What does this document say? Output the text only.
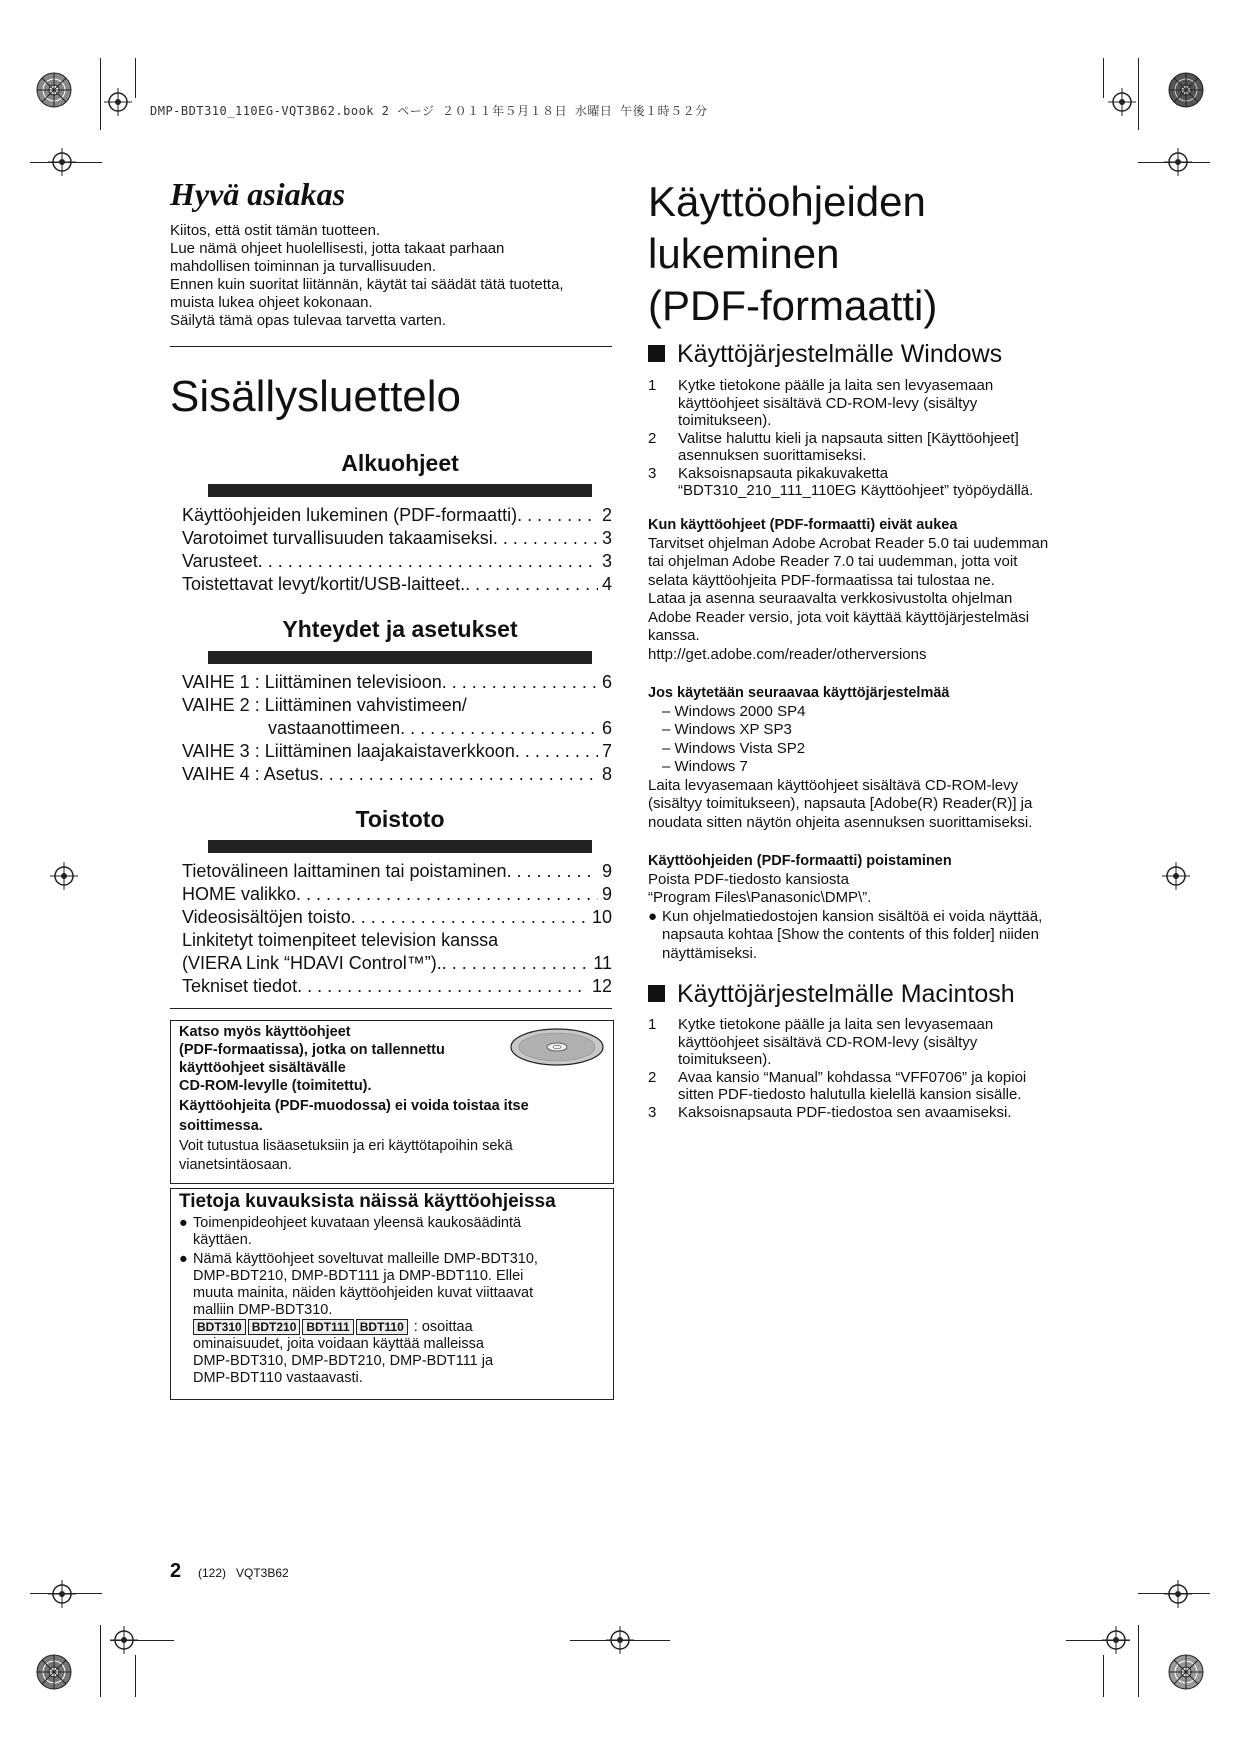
DMP-BDT310_110EG-VQT3B62.book 2 ページ ２０１１年５月１８日 水曜日 午後１時５２分
Hyvä asiakas
Kiitos, että ostit tämän tuotteen.
Lue nämä ohjeet huolellisesti, jotta takaat parhaan
mahdollisen toiminnan ja turvallisuuden.
Ennen kuin suoritat liitännän, käytät tai säädät tätä tuotetta,
muista lukea ohjeet kokonaan.
Säilytä tämä opas tulevaa tarvetta varten.
Sisällysluettelo
Alkuohjeet
Käyttöohjeiden lukeminen (PDF-formaatti) . . .	2
Varotoimet turvallisuuden takaamiseksi . . .	3
Varusteet . . .	3
Toistettavat levyt/kortit/USB-laitteet. . . .	4
Yhteydet ja asetukset
VAIHE 1 : Liittäminen televisioon . . .	6
VAIHE 2 : Liittäminen vahvistimeen/
vastaanottimeen . . .	6
VAIHE 3 : Liittäminen laajakaistaverkkoon . . .	7
VAIHE 4 : Asetus . . .	8
Toistoto
Tietovälineen laittaminen tai poistaminen . . .	9
HOME valikko . . .	9
Videosisältöjen toisto . . .	10
Linkitetyt toimenpiteet television kanssa
(VIERA Link “HDAVI Control™”). . . .	11
Tekniset tiedot . . .	12
Katso myös käyttöohjeet
(PDF-formaatissa), jotka on tallennettu
käyttöohjeet sisältävälle
CD-ROM-levylle (toimitettu).
Käyttöohjeita (PDF-muodossa) ei voida toistaa itse
soittimessa.
Voit tutustua lisäasetuksiin ja eri käyttötapoihin sekä
vianetsintäosaan.
Tietoja kuvauksista näissä käyttöohjeissa
● Toimenpideohjeet kuvataan yleensä kaukosäädintä
käyttäen.
● Nämä käyttöohjeet soveltuvat malleille DMP-BDT310,
DMP-BDT210, DMP-BDT111 ja DMP-BDT110. Ellei
muuta mainita, näiden käyttöohjeiden kuvat viittaavat
malliin DMP-BDT310.
BDT310 BDT210 BDT111 BDT110 : osoittaa
ominaisuudet, joita voidaan käyttää malleissa
DMP-BDT310, DMP-BDT210, DMP-BDT111 ja
DMP-BDT110 vastaavasti.
2 (122)   VQT3B62
Käyttöohjeiden
lukeminen
(PDF-formaatti)
Käyttöjärjestelmälle Windows
1 Kytke tietokone päälle ja laita sen levyasemaan
käyttöohjeet sisältävä CD-ROM-levy (sisältyy
toimitukseen).
2 Valitse haluttu kieli ja napsauta sitten [Käyttöohjeet]
asennuksen suorittamiseksi.
3 Kaksoisnapsauta pikakuvaketta
“BDT310_210_111_110EG Käyttöohjeet” työpöydällä.
Kun käyttöohjeet (PDF-formaatti) eivät aukea
Tarvitset ohjelman Adobe Acrobat Reader 5.0 tai uudemman
tai ohjelman Adobe Reader 7.0 tai uudemman, jotta voit
selata käyttöohjeita PDF-formaatissa tai tulostaa ne.
Lataa ja asenna seuraavalta verkkosivustolta ohjelman
Adobe Reader versio, jota voit käyttää käyttöjärjestelmäsi
kanssa.
http://get.adobe.com/reader/otherversions
Jos käytetään seuraavaa käyttöjärjestelmää
– Windows 2000 SP4
– Windows XP SP3
– Windows Vista SP2
– Windows 7
Laita levyasemaan käyttöohjeet sisältävä CD-ROM-levy
(sisältyy toimitukseen), napsauta [Adobe(R) Reader(R)] ja
noudata sitten näytön ohjeita asennuksen suorittamiseksi.
Käyttöohjeiden (PDF-formaatti) poistaminen
Poista PDF-tiedosto kansiosta
“Program Files\Panasonic\DMP\”.
● Kun ohjelmatiedostojen kansion sisältöä ei voida näyttää,
napsauta kohtaa [Show the contents of this folder] niiden
näyttämiseksi.
Käyttöjärjestelmälle Macintosh
1 Kytke tietokone päälle ja laita sen levyasemaan
käyttöohjeet sisältävä CD-ROM-levy (sisältyy
toimitukseen).
2 Avaa kansio “Manual” kohdassa “VFF0706” ja kopioi
sitten PDF-tiedosto halutulla kielellä kansion sisälle.
3 Kaksoisnapsauta PDF-tiedostoa sen avaamiseksi.
